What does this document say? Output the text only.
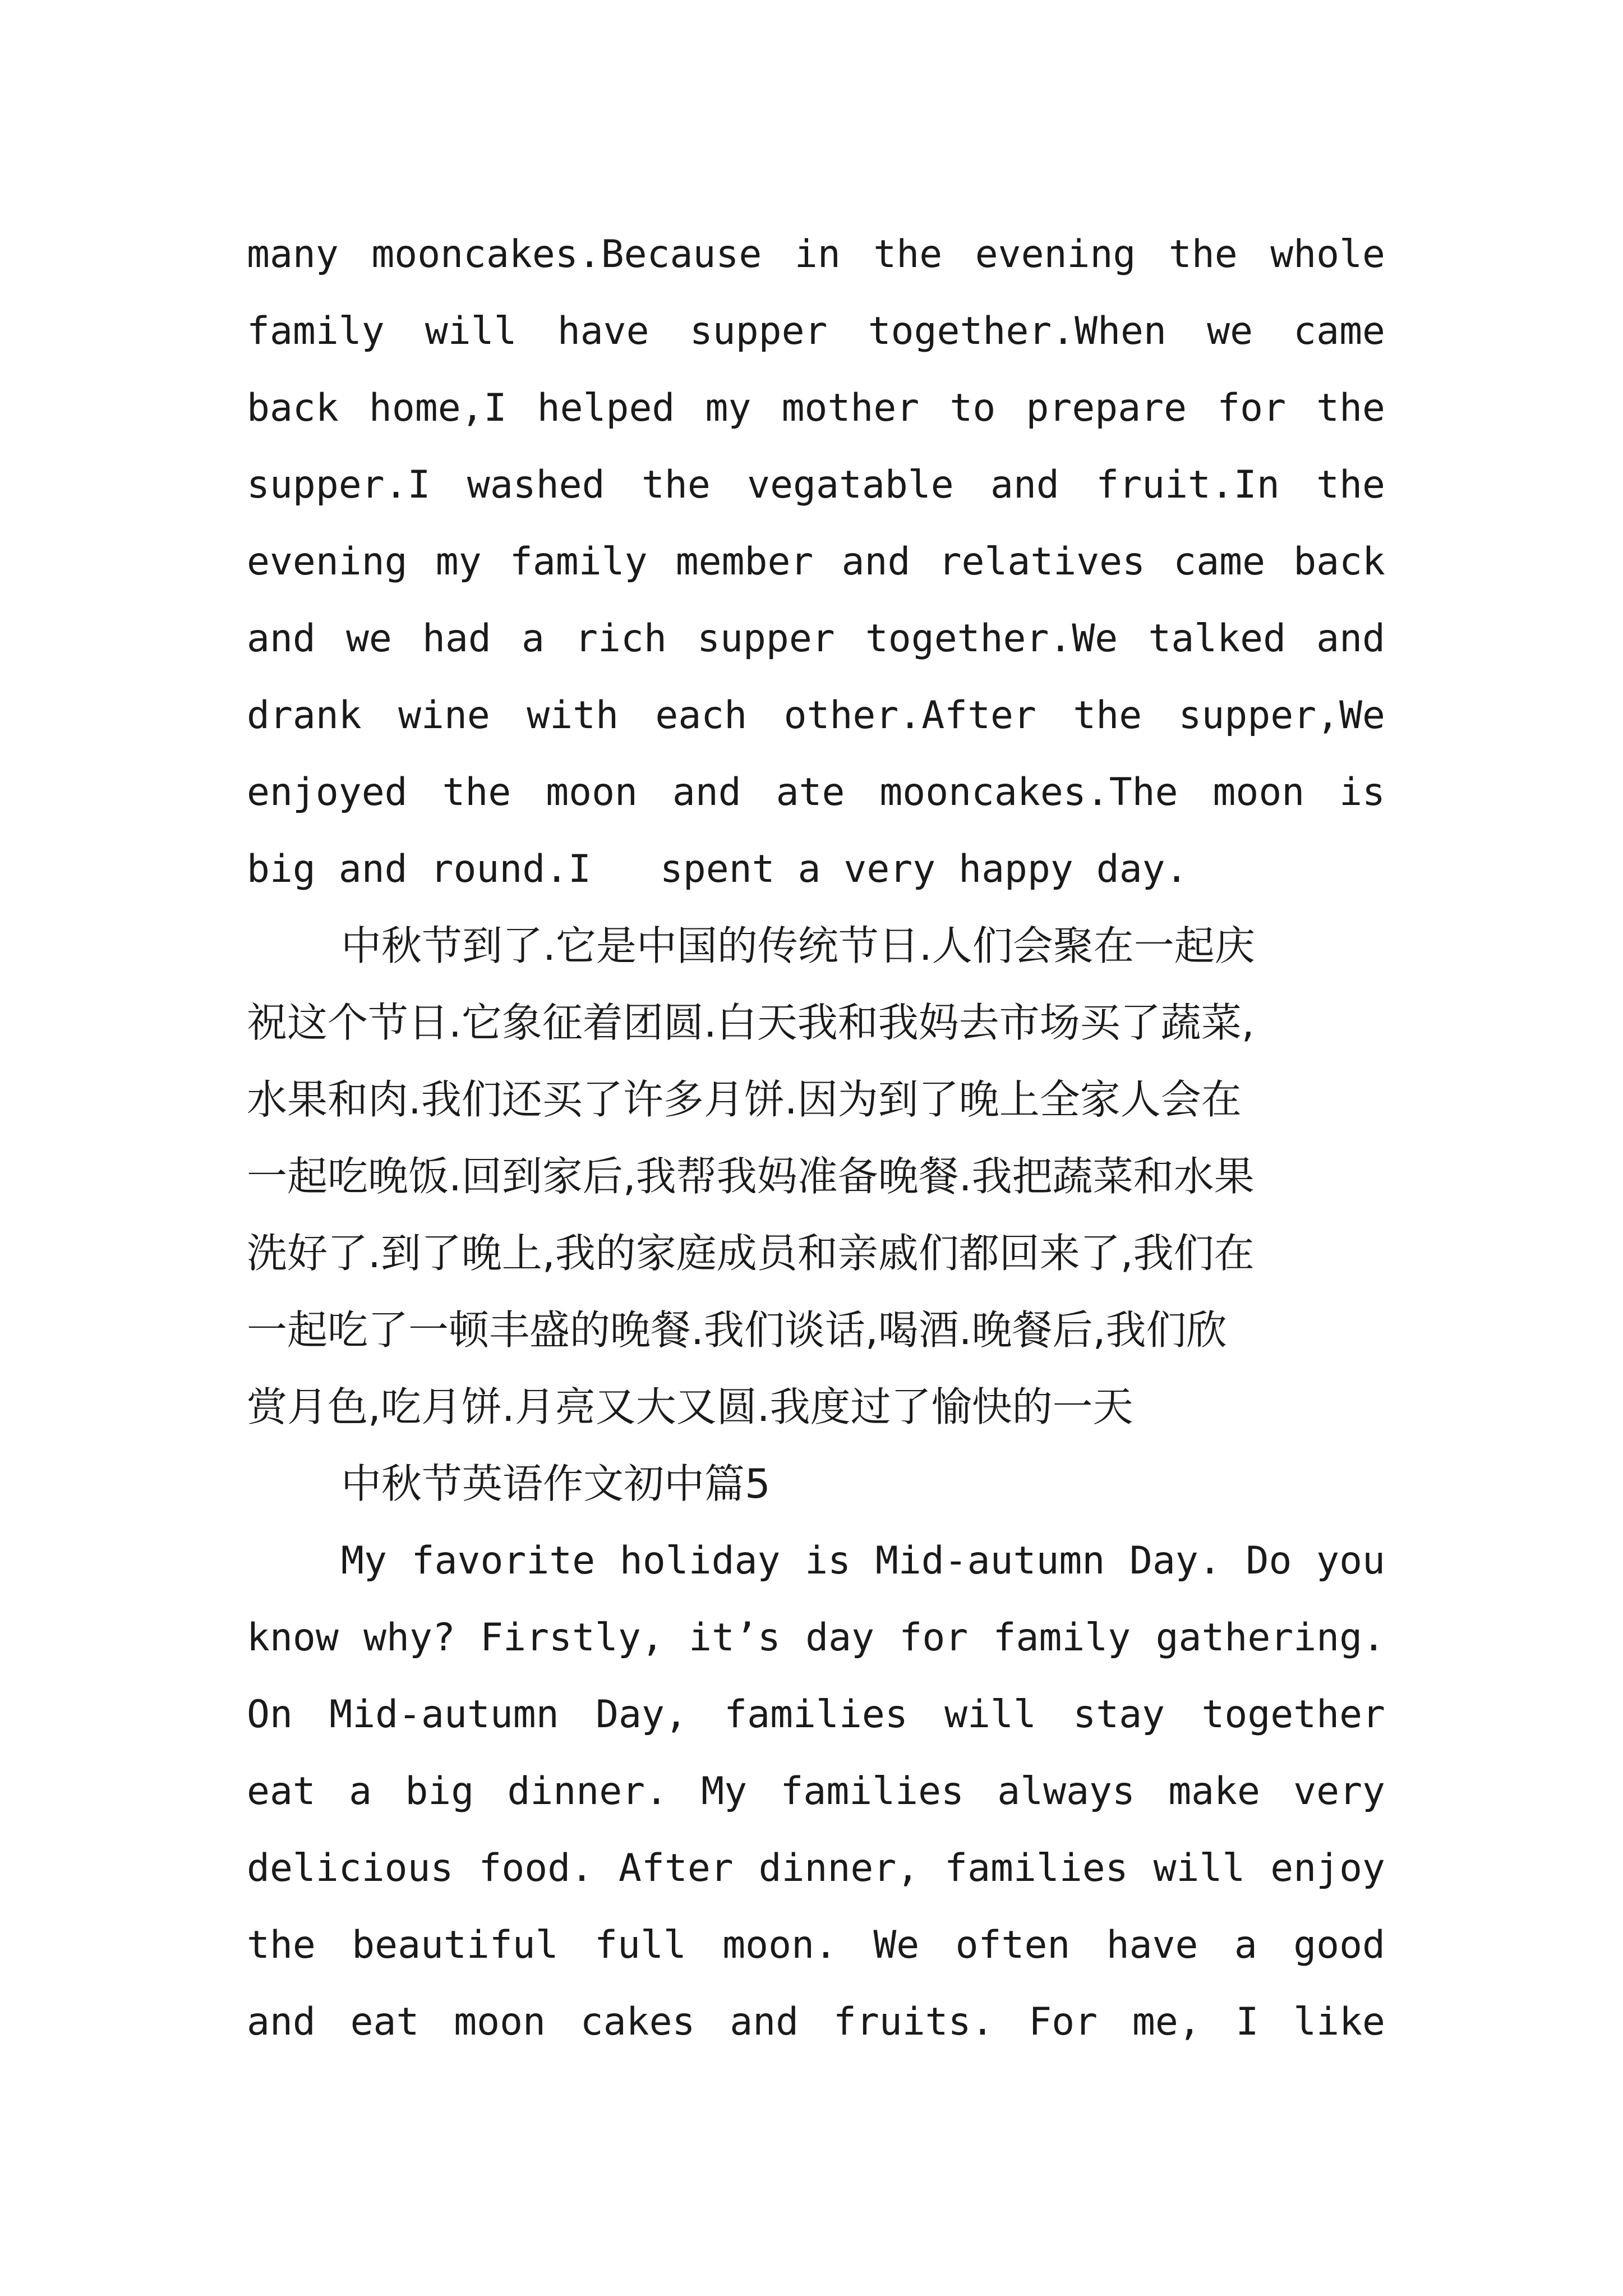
many mooncakes.Because in the evening the whole
family will have supper together.When we came
back home,I helped my mother to prepare for the
supper.I washed the vegatable and fruit.In the
evening my family member and relatives came back
and we had a rich supper together.We talked and
drank wine with each other.After the supper,We
enjoyed the moon and ate mooncakes.The moon is
big and round.I   spent a very happy day.
中秋节到了.它是中国的传统节日.人们会聚在一起庆
祝这个节日.它象征着团圆.白天我和我妈去市场买了蔬菜,
水果和肉.我们还买了许多月饼.因为到了晚上全家人会在
一起吃晚饭.回到家后,我帮我妈准备晚餐.我把蔬菜和水果
洗好了.到了晚上,我的家庭成员和亲戚们都回来了,我们在
一起吃了一顿丰盛的晚餐.我们谈话,喝酒.晚餐后,我们欣
赏月色,吃月饼.月亮又大又圆.我度过了愉快的一天
中秋节英语作文初中篇5
My favorite holiday is Mid-autumn Day. Do you
know why? Firstly, it’s day for family gathering.
On Mid-autumn Day, families will stay together
eat a big dinner. My families always make very
delicious food. After dinner, families will enjoy
the beautiful full moon. We often have a good
and eat moon cakes and fruits. For me, I like
